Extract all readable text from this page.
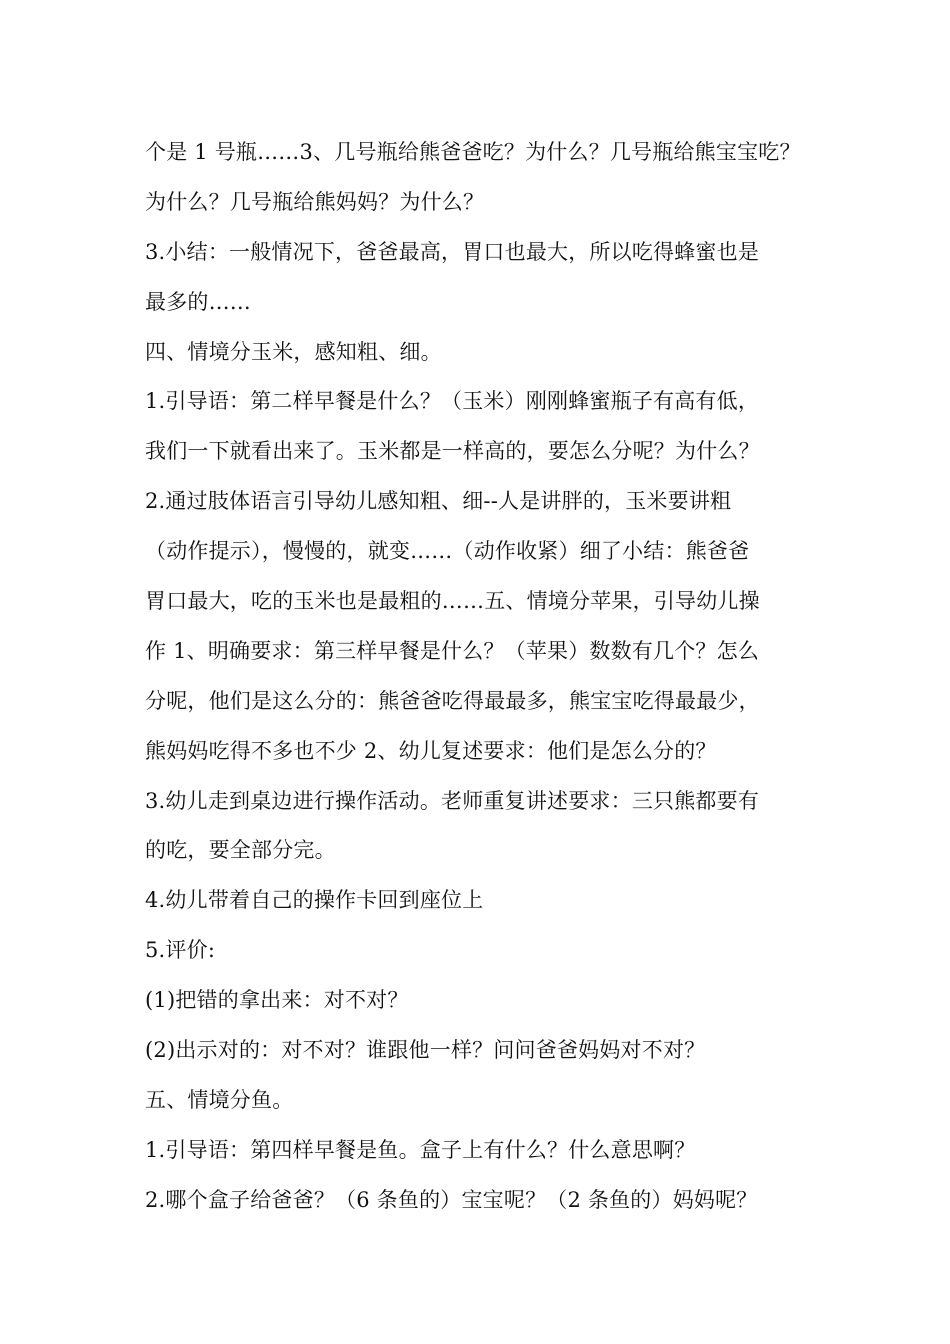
个是 1 号瓶……3、几号瓶给熊爸爸吃？为什么？几号瓶给熊宝宝吃？
为什么？几号瓶给熊妈妈？为什么？
3.小结：一般情况下，爸爸最高，胃口也最大，所以吃得蜂蜜也是
最多的……
四、情境分玉米，感知粗、细。
1.引导语：第二样早餐是什么？（玉米）刚刚蜂蜜瓶子有高有低，
我们一下就看出来了。玉米都是一样高的，要怎么分呢？为什么？
2.通过肢体语言引导幼儿感知粗、细--人是讲胖的，玉米要讲粗
（动作提示），慢慢的，就变……（动作收紧）细了小结：熊爸爸
胃口最大，吃的玉米也是最粗的……五、情境分苹果，引导幼儿操
作 1、明确要求：第三样早餐是什么？（苹果）数数有几个？怎么
分呢，他们是这么分的：熊爸爸吃得最最多，熊宝宝吃得最最少，
熊妈妈吃得不多也不少 2、幼儿复述要求：他们是怎么分的？
3.幼儿走到桌边进行操作活动。老师重复讲述要求：三只熊都要有
的吃，要全部分完。
4.幼儿带着自己的操作卡回到座位上
5.评价:
(1)把错的拿出来：对不对？
(2)出示对的：对不对？谁跟他一样？问问爸爸妈妈对不对？
五、情境分鱼。
1.引导语：第四样早餐是鱼。盒子上有什么？什么意思啊？
2.哪个盒子给爸爸？（6 条鱼的）宝宝呢？（2 条鱼的）妈妈呢？
